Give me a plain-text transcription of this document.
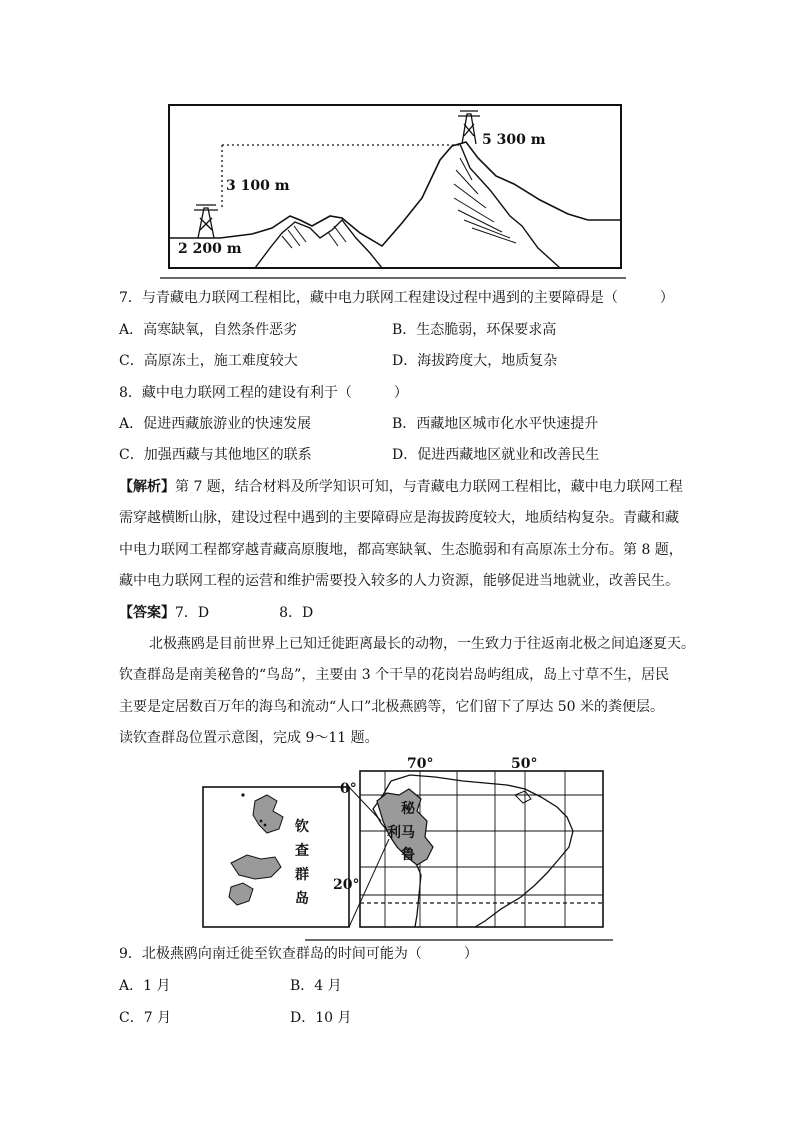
5 300 m
3 100 m
2 200 m
7．与青藏电力联网工程相比，藏中电力联网工程建设过程中遇到的主要障碍是（　　　）
A．高寒缺氧，自然条件恶劣	B．生态脆弱，环保要求高
C．高原冻土，施工难度较大	D．海拔跨度大，地质复杂
8．藏中电力联网工程的建设有利于（　　　）
A．促进西藏旅游业的快速发展	B．西藏地区城市化水平快速提升
C．加强西藏与其他地区的联系	D．促进西藏地区就业和改善民生
【解析】第 7 题，结合材料及所学知识可知，与青藏电力联网工程相比，藏中电力联网工程
需穿越横断山脉，建设过程中遇到的主要障碍应是海拔跨度较大，地质结构复杂。青藏和藏
中电力联网工程都穿越青藏高原腹地，都高寒缺氧、生态脆弱和有高原冻土分布。第 8 题，
藏中电力联网工程的运营和维护需要投入较多的人力资源，能够促进当地就业，改善民生。
【答案】7．D　　　　　8．D
北极燕鸥是目前世界上已知迁徙距离最长的动物，一生致力于往返南北极之间追逐夏天。
钦查群岛是南美秘鲁的“鸟岛”，主要由 3 个干旱的花岗岩岛屿组成，岛上寸草不生，居民
主要是定居数百万年的海鸟和流动“人口”北极燕鸥等，它们留下了厚达 50 米的粪便层。
读钦查群岛位置示意图，完成 9～11 题。
钦
查
群
岛
秘
利马
鲁
70°	50°
0°
20°
9．北极燕鸥向南迁徙至钦查群岛的时间可能为（　　　）
A．1 月	B．4 月
C．7 月	D．10 月
